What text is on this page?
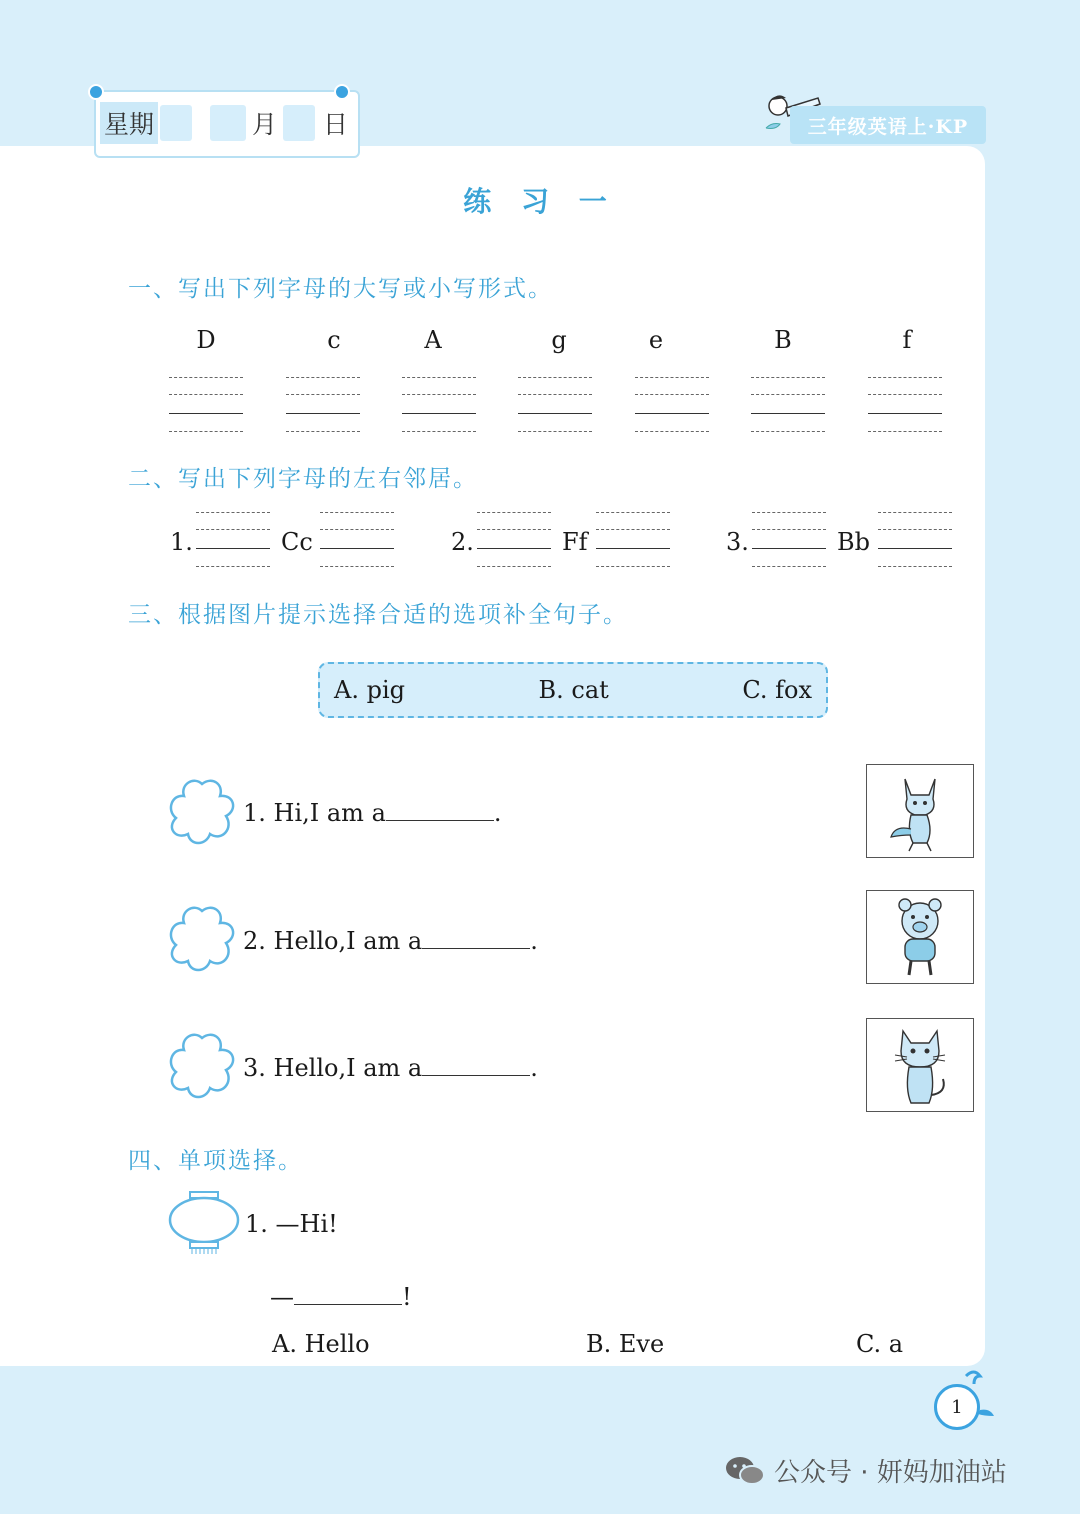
星期	月 日	三年级英语上·KP
练 习 一
一、写出下列字母的大写或小写形式。
D	c	A	g	e	B	f
二、写出下列字母的左右邻居。
1.	Cc	2.	Ff	3.	Bb
三、根据图片提示选择合适的选项补全句子。
A. pig	B. cat	C. fox
1. Hi,I am a	.
2. Hello,I am a	.
3. Hello,I am a	.
四、单项选择。
1. —Hi!
—	!
A. Hello	B. Eve	C. a
1
公众号 · 妍妈加油站
